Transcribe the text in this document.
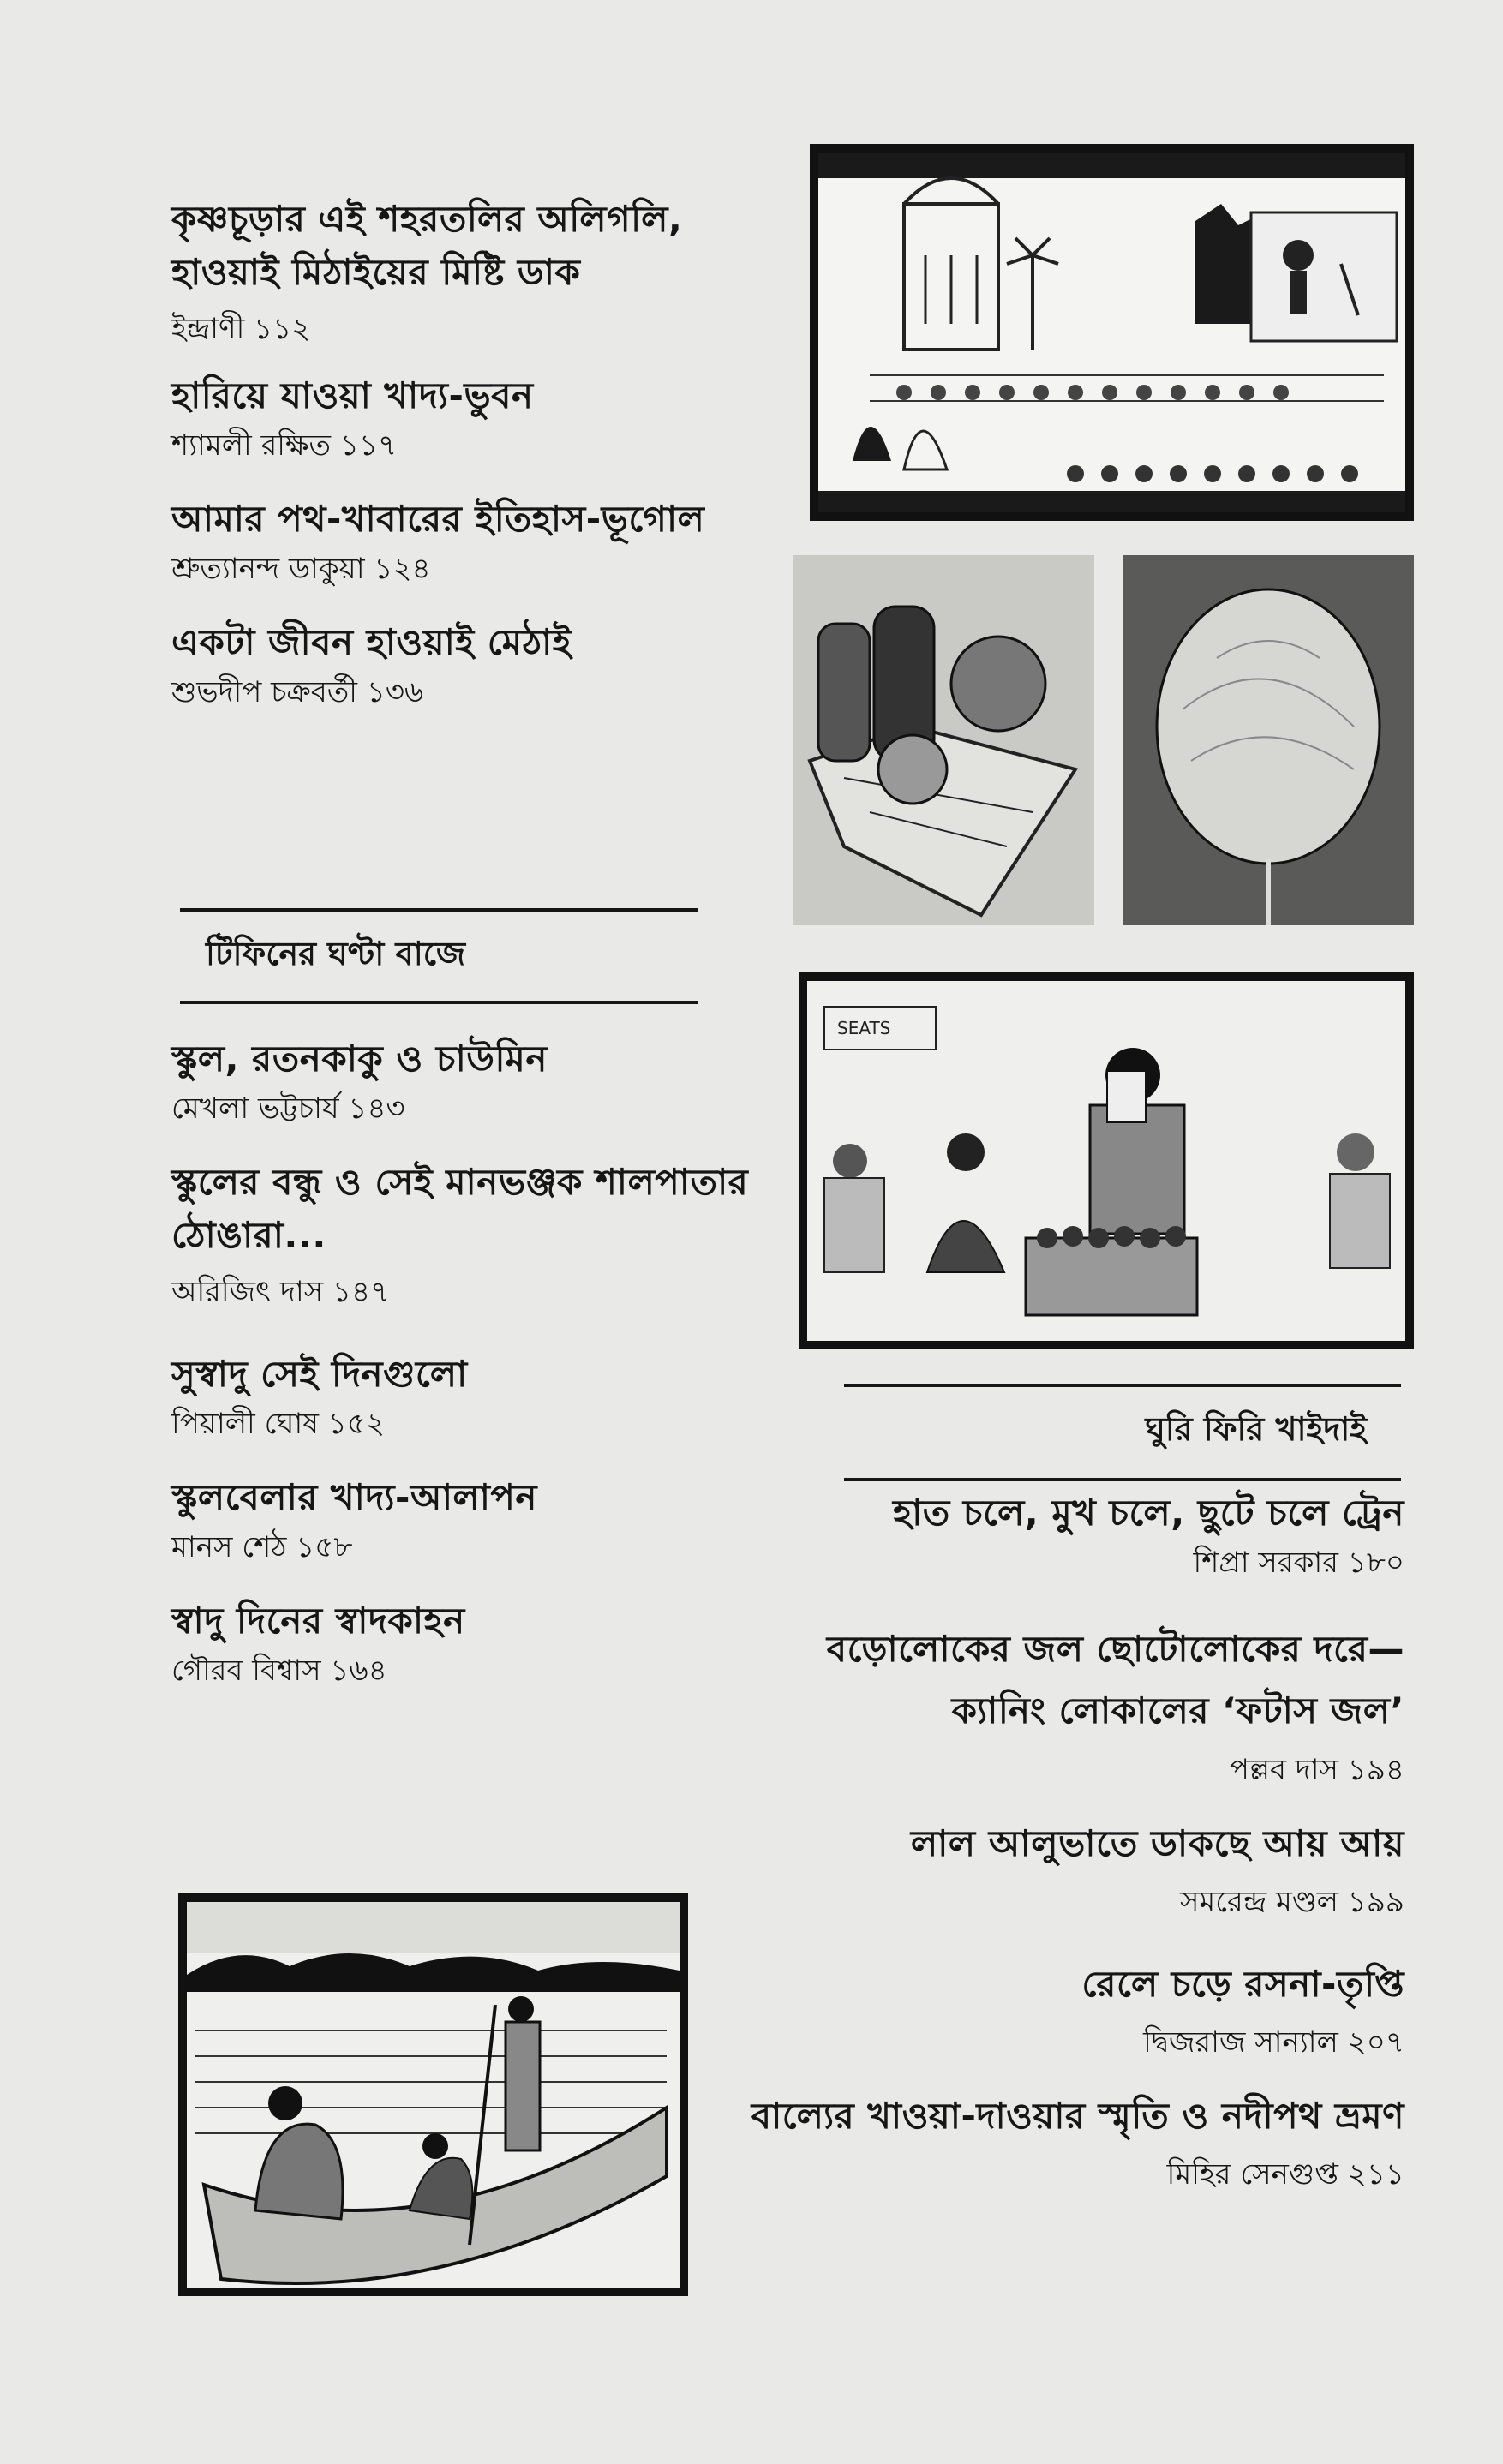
কৃষ্ণচূড়ার এই শহরতলির অলিগলি, হাওয়াই মিঠাইয়ের মিষ্টি ডাক
ইন্দ্রাণী ১১২
হারিয়ে যাওয়া খাদ্য-ভুবন
শ্যামলী রক্ষিত ১১৭
আমার পথ-খাবারের ইতিহাস-ভূগোল
শ্রুত্যানন্দ ডাকুয়া ১২৪
একটা জীবন হাওয়াই মেঠাই
শুভদীপ চক্রবর্তী ১৩৬
টিফিনের ঘণ্টা বাজে
স্কুল, রতনকাকু ও চাউমিন
মেখলা ভট্টচার্য ১৪৩
স্কুলের বন্ধু ও সেই মানভঞ্জক শালপাতার ঠোঙারা...
অরিজিৎ দাস ১৪৭
সুস্বাদু সেই দিনগুলো
পিয়ালী ঘোষ ১৫২
স্কুলবেলার খাদ্য-আলাপন
মানস শেঠ ১৫৮
স্বাদু দিনের স্বাদকাহন
গৌরব বিশ্বাস ১৬৪
SEATS
ঘুরি ফিরি খাইদাই
হাত চলে, মুখ চলে, ছুটে চলে ট্রেন
শিপ্রা সরকার ১৮০
বড়োলোকের জল ছোটোলোকের দরে— ক্যানিং লোকালের ‘ফটাস জল’
পল্লব দাস ১৯৪
লাল আলুভাতে ডাকছে আয় আয়
সমরেন্দ্র মণ্ডল ১৯৯
রেলে চড়ে রসনা-তৃপ্তি
দ্বিজরাজ সান্যাল ২০৭
বাল্যের খাওয়া-দাওয়ার স্মৃতি ও নদীপথ ভ্রমণ
মিহির সেনগুপ্ত ২১১
